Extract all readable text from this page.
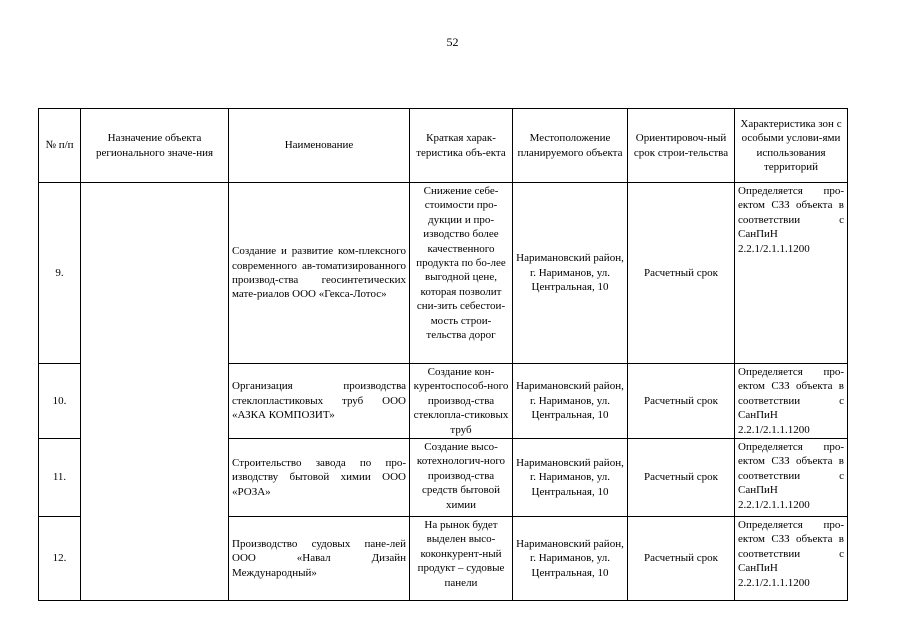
52
№ п/п	Назначение объекта регионального значе-ния	Наименование	Краткая харак-теристика объ-екта	Местоположение планируемого объекта	Ориентировоч-ный срок строи-тельства	Характеристика зон с особыми услови-ями использования территорий
9.		Создание и развитие ком-плексного современного ав-томатизированного производ-ства геосинтетических мате-риалов ООО «Гекса-Лотос»	Снижение себе-стоимости про-дукции и про-изводство более качественного продукта по бо-лее выгодной цене, которая позволит сни-зить себестои-мость строи-тельства дорог	Наримановский район, г. Нариманов, ул. Центральная, 10	Расчетный срок	Определяется про-ектом СЗЗ объекта в соответствии с СанПиН 2.2.1/2.1.1.1200
10.		Организация производства стеклопластиковых труб ООО «АЗКА КОМПОЗИТ»	Создание кон-курентоспособ-ного производ-ства стеклопла-стиковых труб	Наримановский район, г. Нариманов, ул. Центральная, 10	Расчетный срок	Определяется про-ектом СЗЗ объекта в соответствии с СанПиН 2.2.1/2.1.1.1200
11.		Строительство завода по про-изводству бытовой химии ООО «РОЗА»	Создание высо-котехнологич-ного производ-ства средств бытовой химии	Наримановский район, г. Нариманов, ул. Центральная, 10	Расчетный срок	Определяется про-ектом СЗЗ объекта в соответствии с СанПиН 2.2.1/2.1.1.1200
12.		Производство судовых пане-лей ООО «Навал Дизайн Международный»	На рынок будет выделен высо-коконкурент-ный продукт – судовые панели	Наримановский район, г. Нариманов, ул. Центральная, 10	Расчетный срок	Определяется про-ектом СЗЗ объекта в соответствии с СанПиН 2.2.1/2.1.1.1200
